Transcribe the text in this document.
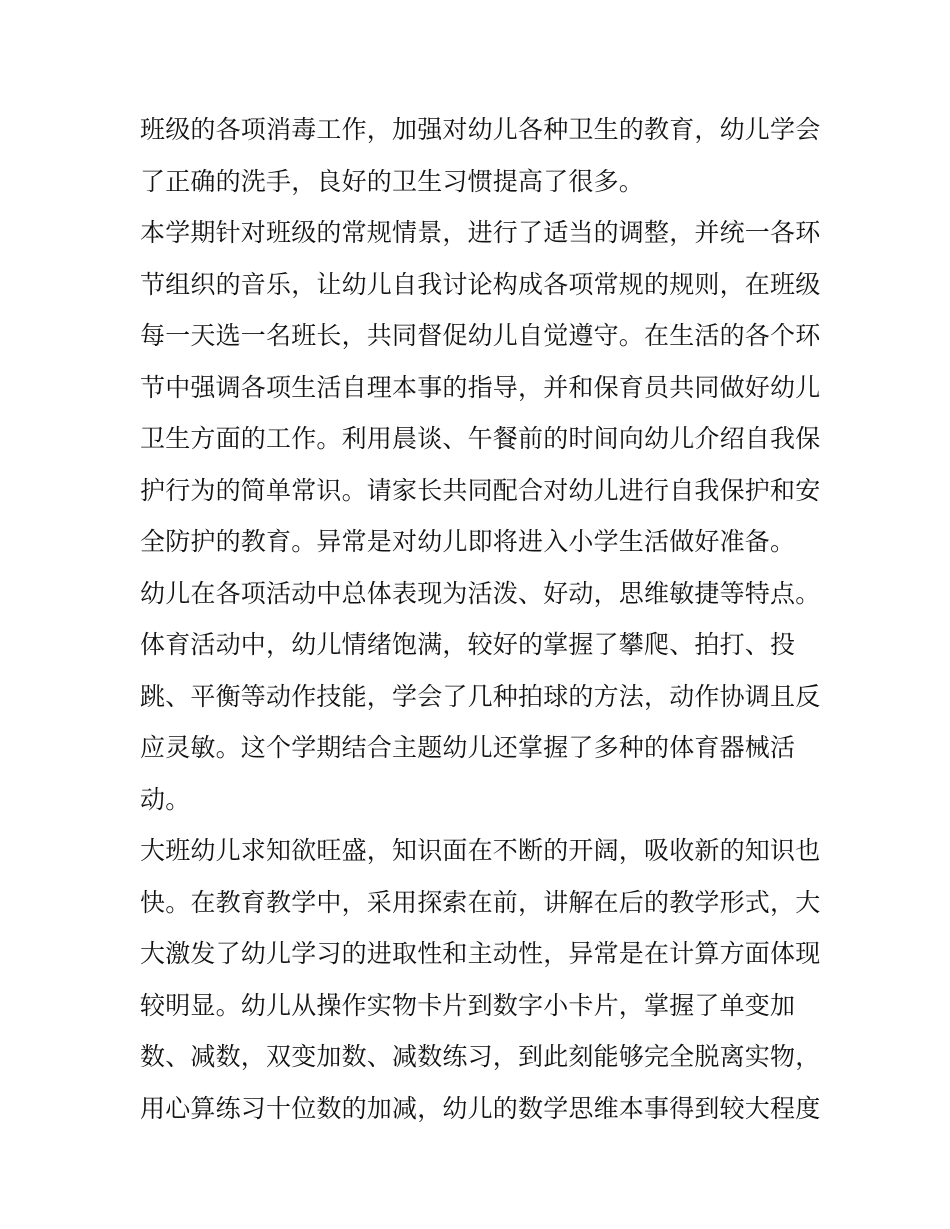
班级的各项消毒工作，加强对幼儿各种卫生的教育，幼儿学会
了正确的洗手，良好的卫生习惯提高了很多。
本学期针对班级的常规情景，进行了适当的调整，并统一各环
节组织的音乐，让幼儿自我讨论构成各项常规的规则，在班级
每一天选一名班长，共同督促幼儿自觉遵守。在生活的各个环
节中强调各项生活自理本事的指导，并和保育员共同做好幼儿
卫生方面的工作。利用晨谈、午餐前的时间向幼儿介绍自我保
护行为的简单常识。请家长共同配合对幼儿进行自我保护和安
全防护的教育。异常是对幼儿即将进入小学生活做好准备。
幼儿在各项活动中总体表现为活泼、好动，思维敏捷等特点。
体育活动中，幼儿情绪饱满，较好的掌握了攀爬、拍打、投
跳、平衡等动作技能，学会了几种拍球的方法，动作协调且反
应灵敏。这个学期结合主题幼儿还掌握了多种的体育器械活
动。
大班幼儿求知欲旺盛，知识面在不断的开阔，吸收新的知识也
快。在教育教学中，采用探索在前，讲解在后的教学形式，大
大激发了幼儿学习的进取性和主动性，异常是在计算方面体现
较明显。幼儿从操作实物卡片到数字小卡片，掌握了单变加
数、减数，双变加数、减数练习，到此刻能够完全脱离实物，
用心算练习十位数的加减，幼儿的数学思维本事得到较大程度
